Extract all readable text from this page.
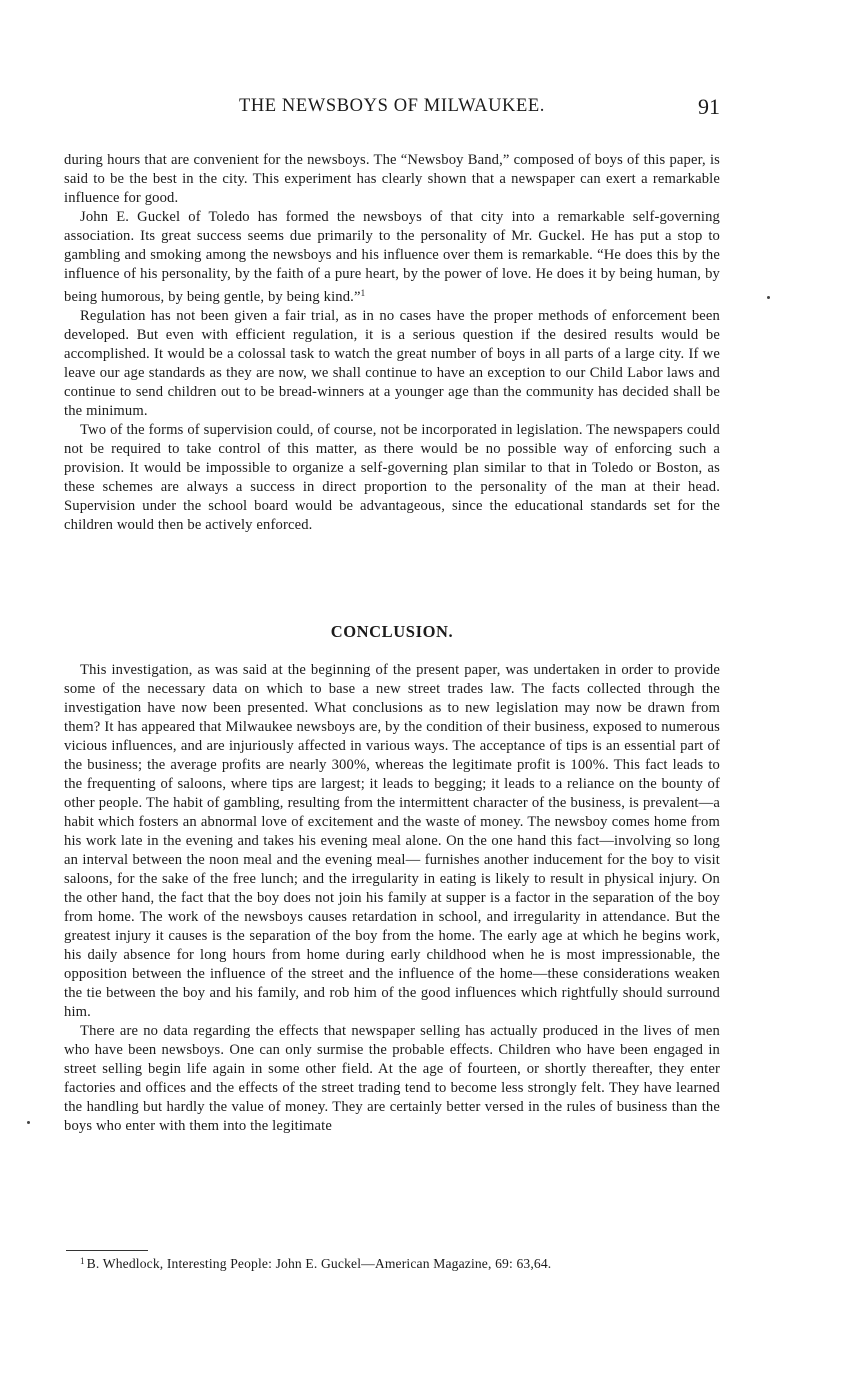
THE NEWSBOYS OF MILWAUKEE.	91

during hours that are convenient for the newsboys. The “Newsboy Band,” composed of boys of this paper, is said to be the best in the city. This experiment has clearly shown that a newspaper can exert a remarkable influence for good.

John E. Guckel of Toledo has formed the newsboys of that city into a remarkable self-governing association. Its great success seems due primarily to the personality of Mr. Guckel. He has put a stop to gambling and smoking among the newsboys and his influence over them is remarkable. “He does this by the influence of his personality, by the faith of a pure heart, by the power of love. He does it by being human, by being humorous, by being gentle, by being kind.”$^1$

Regulation has not been given a fair trial, as in no cases have the proper methods of enforcement been developed. But even with efficient regulation, it is a serious question if the desired results would be accomplished. It would be a colossal task to watch the great number of boys in all parts of a large city. If we leave our age standards as they are now, we shall continue to have an exception to our Child Labor laws and continue to send children out to be bread-winners at a younger age than the community has decided shall be the minimum.

Two of the forms of supervision could, of course, not be incorporated in legislation. The newspapers could not be required to take control of this matter, as there would be no possible way of enforcing such a provision. It would be impossible to organize a self-governing plan similar to that in Toledo or Boston, as these schemes are always a success in direct proportion to the personality of the man at their head. Supervision under the school board would be advantageous, since the educational standards set for the children would then be actively enforced.

CONCLUSION.

This investigation, as was said at the beginning of the present paper, was undertaken in order to provide some of the necessary data on which to base a new street trades law. The facts collected through the investigation have now been presented. What conclusions as to new legislation may now be drawn from them? It has appeared that Milwaukee newsboys are, by the condition of their business, exposed to numerous vicious influences, and are injuriously affected in various ways. The acceptance of tips is an essential part of the business; the average profits are nearly 300%, whereas the legitimate profit is 100%. This fact leads to the frequenting of saloons, where tips are largest; it leads to begging; it leads to a reliance on the bounty of other people. The habit of gambling, resulting from the intermittent character of the business, is prevalent—a habit which fosters an abnormal love of excitement and the waste of money. The newsboy comes home from his work late in the evening and takes his evening meal alone. On the one hand this fact—involving so long an interval between the noon meal and the evening meal— furnishes another inducement for the boy to visit saloons, for the sake of the free lunch; and the irregularity in eating is likely to result in physical injury. On the other hand, the fact that the boy does not join his family at supper is a factor in the separation of the boy from home. The work of the newsboys causes retardation in school, and irregularity in attendance. But the greatest injury it causes is the separation of the boy from the home. The early age at which he begins work, his daily absence for long hours from home during early childhood when he is most impressionable, the opposition between the influence of the street and the influence of the home—these considerations weaken the tie between the boy and his family, and rob him of the good influences which rightfully should surround him.

There are no data regarding the effects that newspaper selling has actually produced in the lives of men who have been newsboys. One can only surmise the probable effects. Children who have been engaged in street selling begin life again in some other field. At the age of fourteen, or shortly thereafter, they enter factories and offices and the effects of the street trading tend to become less strongly felt. They have learned the handling but hardly the value of money. They are certainly better versed in the rules of business than the boys who enter with them into the legitimate

$^1$ B. Whedlock, Interesting People: John E. Guckel—American Magazine, 69: 63,64.
